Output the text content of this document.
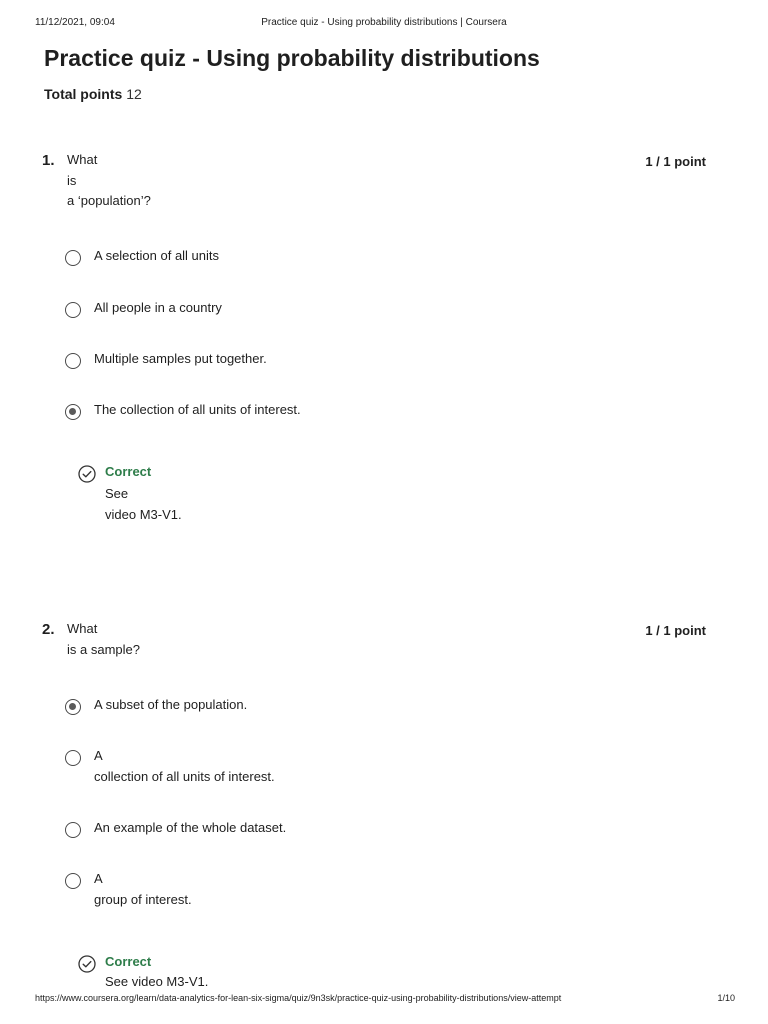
11/12/2021, 09:04	Practice quiz - Using probability distributions | Coursera
Practice quiz - Using probability distributions
Total points 12
1. What
is
a ‘population’?
1 / 1 point
A selection of all units
All people in a country
Multiple samples put together.
The collection of all units of interest.
Correct
See
video M3-V1.
2. What
is a sample?
1 / 1 point
A subset of the population.
A
collection of all units of interest.
An example of the whole dataset.
A
group of interest.
Correct
See video M3-V1.
https://www.coursera.org/learn/data-analytics-for-lean-six-sigma/quiz/9n3sk/practice-quiz-using-probability-distributions/view-attempt	1/10
